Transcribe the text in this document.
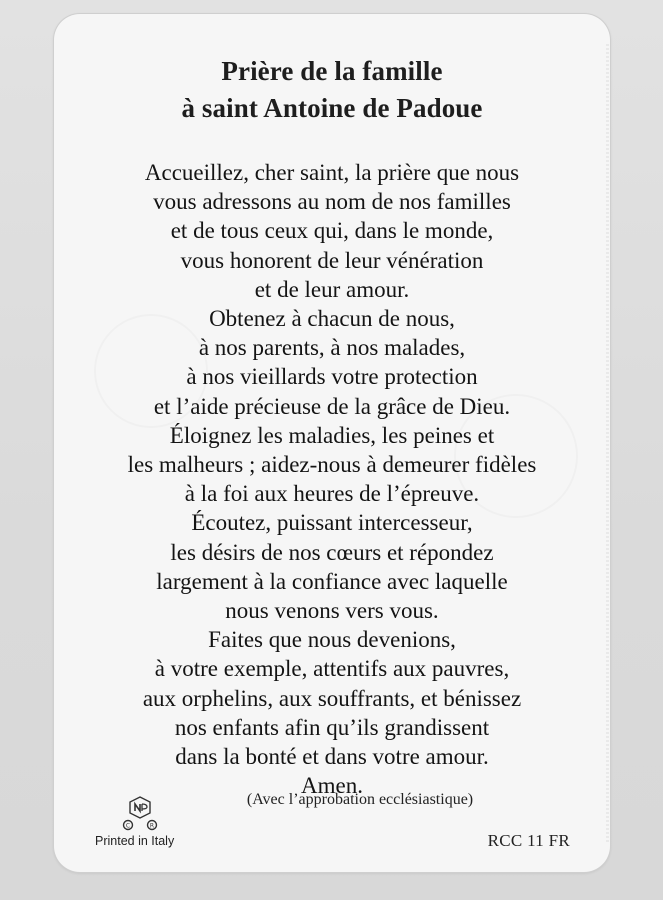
Prière de la famille
à saint Antoine de Padoue
Accueillez, cher saint, la prière que nous
vous adressons au nom de nos familles
et de tous ceux qui, dans le monde,
vous honorent de leur vénération
et de leur amour.
Obtenez à chacun de nous,
à nos parents, à nos malades,
à nos vieillards votre protection
et l’aide précieuse de la grâce de Dieu.
Éloignez les maladies, les peines et
les malheurs ; aidez-nous à demeurer fidèles
à la foi aux heures de l’épreuve.
Écoutez, puissant intercesseur,
les désirs de nos cœurs et répondez
largement à la confiance avec laquelle
nous venons vers vous.
Faites que nous devenions,
à votre exemple, attentifs aux pauvres,
aux orphelins, aux souffrants, et bénissez
nos enfants afin qu’ils grandissent
dans la bonté et dans votre amour.
Amen.
C	R
(Avec l’approbation ecclésiastique)
Printed in Italy	RCC 11 FR
